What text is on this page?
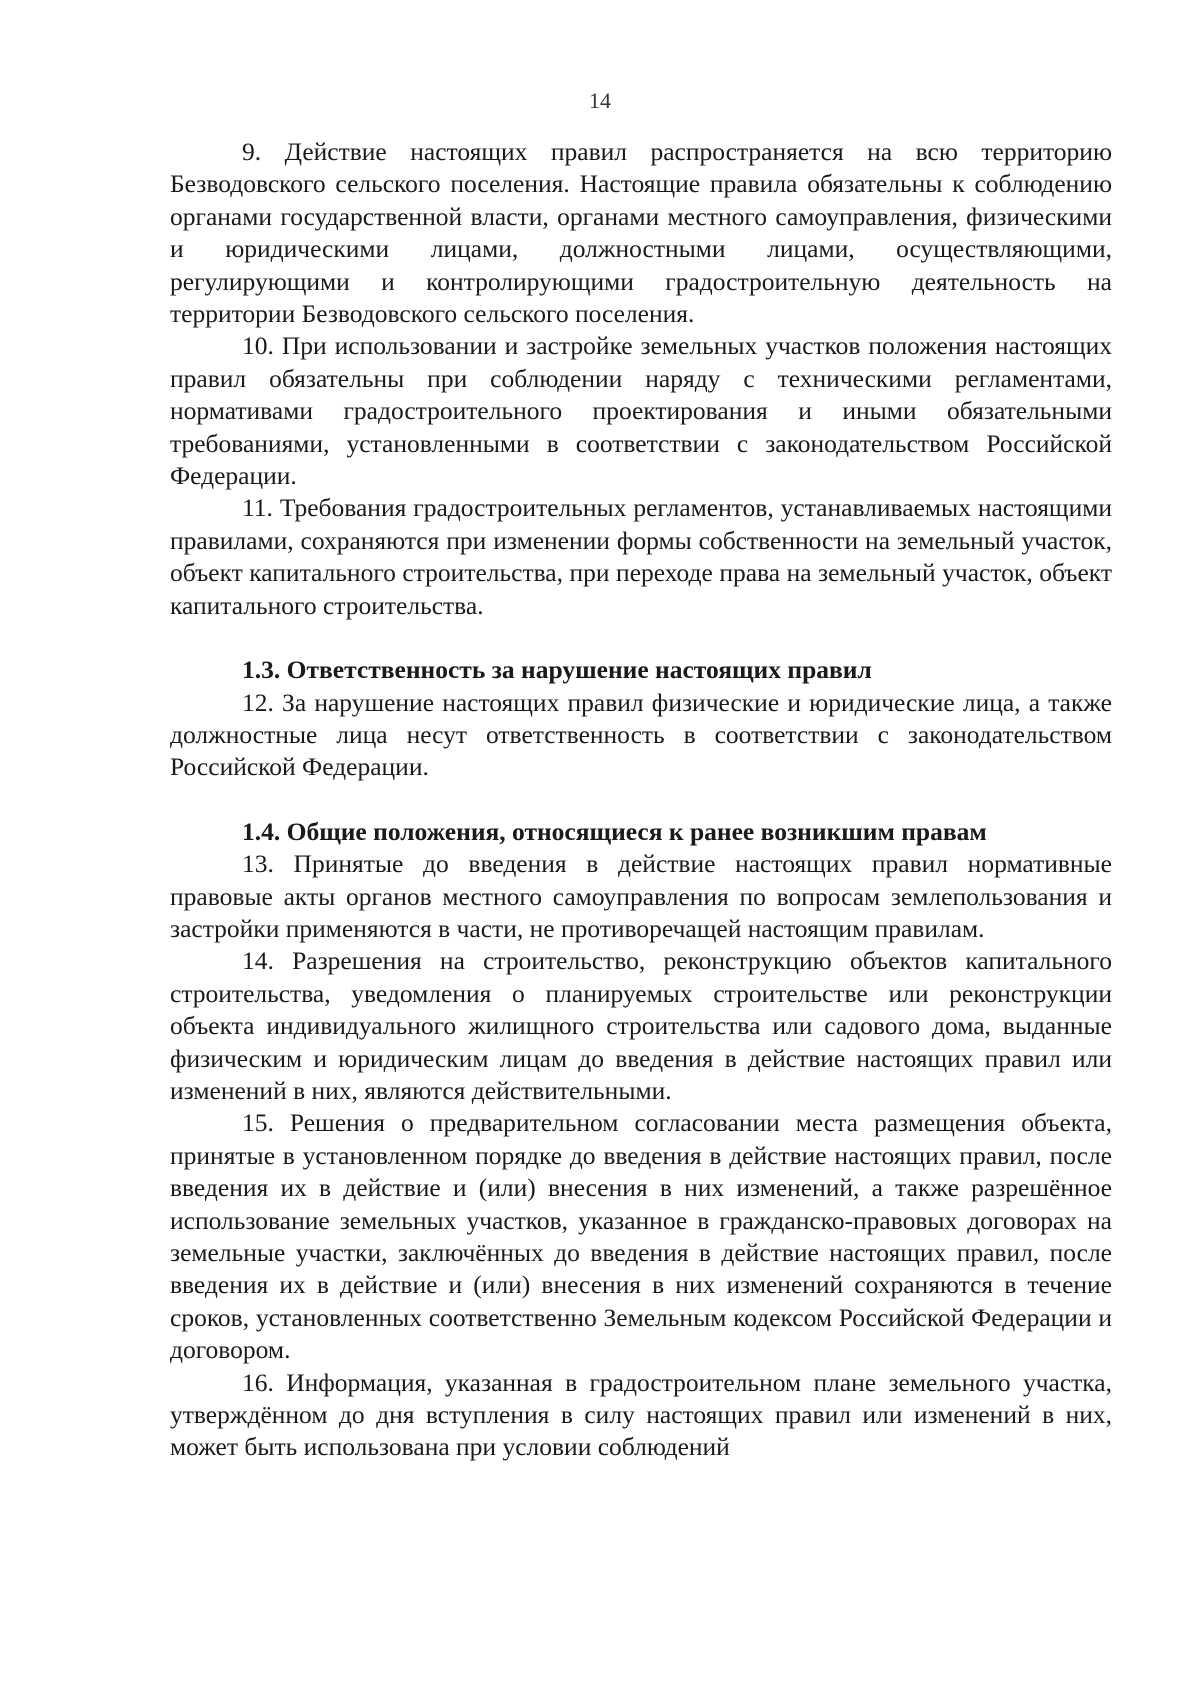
14

9. Действие настоящих правил распространяется на всю территорию Безводовского сельского поселения. Настоящие правила обязательны к соблюдению органами государственной власти, органами местного самоуправления, физическими и юридическими лицами, должностными лицами, осуществляющими, регулирующими и контролирующими градостроительную деятельность на территории Безводовского сельского поселения.

10. При использовании и застройке земельных участков положения настоящих правил обязательны при соблюдении наряду с техническими регламентами, нормативами градостроительного проектирования и иными обязательными требованиями, установленными в соответствии с законодательством Российской Федерации.

11. Требования градостроительных регламентов, устанавливаемых настоящими правилами, сохраняются при изменении формы собственности на земельный участок, объект капитального строительства, при переходе права на земельный участок, объект капитального строительства.

1.3. Ответственность за нарушение настоящих правил

12. За нарушение настоящих правил физические и юридические лица, а также должностные лица несут ответственность в соответствии с законодательством Российской Федерации.

1.4. Общие положения, относящиеся к ранее возникшим правам

13. Принятые до введения в действие настоящих правил нормативные правовые акты органов местного самоуправления по вопросам землепользования и застройки применяются в части, не противоречащей настоящим правилам.

14. Разрешения на строительство, реконструкцию объектов капитального строительства, уведомления о планируемых строительстве или реконструкции объекта индивидуального жилищного строительства или садового дома, выданные физическим и юридическим лицам до введения в действие настоящих правил или изменений в них, являются действительными.

15. Решения о предварительном согласовании места размещения объекта, принятые в установленном порядке до введения в действие настоящих правил, после введения их в действие и (или) внесения в них изменений, а также разрешённое использование земельных участков, указанное в гражданско-правовых договорах на земельные участки, заключённых до введения в действие настоящих правил, после введения их в действие и (или) внесения в них изменений сохраняются в течение сроков, установленных соответственно Земельным кодексом Российской Федерации и договором.

16. Информация, указанная в градостроительном плане земельного участка, утверждённом до дня вступления в силу настоящих правил или изменений в них, может быть использована при условии соблюдений
